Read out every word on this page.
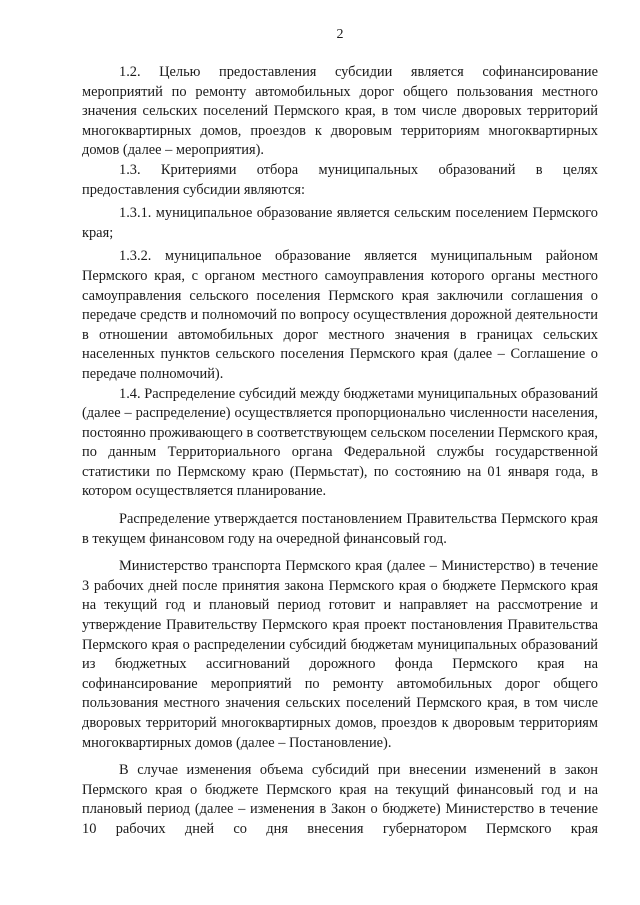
2

1.2. Целью предоставления субсидии является софинансирование мероприятий по ремонту автомобильных дорог общего пользования местного значения сельских поселений Пермского края, в том числе дворовых территорий многоквартирных домов, проездов к дворовым территориям многоквартирных домов (далее – мероприятия).

1.3. Критериями отбора муниципальных образований в целях предоставления субсидии являются:

1.3.1. муниципальное образование является сельским поселением Пермского края;

1.3.2. муниципальное образование является муниципальным районом Пермского края, с органом местного самоуправления которого органы местного самоуправления сельского поселения Пермского края заключили соглашения о передаче средств и полномочий по вопросу осуществления дорожной деятельности в отношении автомобильных дорог местного значения в границах сельских населенных пунктов сельского поселения Пермского края (далее – Соглашение о передаче полномочий).

1.4. Распределение субсидий между бюджетами муниципальных образований (далее – распределение) осуществляется пропорционально численности населения, постоянно проживающего в соответствующем сельском поселении Пермского края, по данным Территориального органа Федеральной службы государственной статистики по Пермскому краю (Пермьстат), по состоянию на 01 января года, в котором осуществляется планирование.

Распределение утверждается постановлением Правительства Пермского края в текущем финансовом году на очередной финансовый год.

Министерство транспорта Пермского края (далее – Министерство) в течение 3 рабочих дней после принятия закона Пермского края о бюджете Пермского края на текущий год и плановый период готовит и направляет на рассмотрение и утверждение Правительству Пермского края проект постановления Правительства Пермского края о распределении субсидий бюджетам муниципальных образований из бюджетных ассигнований дорожного фонда Пермского края на софинансирование мероприятий по ремонту автомобильных дорог общего пользования местного значения сельских поселений Пермского края, в том числе дворовых территорий многоквартирных домов, проездов к дворовым территориям многоквартирных домов (далее – Постановление).

В случае изменения объема субсидий при внесении изменений в закон Пермского края о бюджете Пермского края на текущий финансовый год и на плановый период (далее – изменения в Закон о бюджете) Министерство в течение 10 рабочих дней со дня внесения губернатором Пермского края
